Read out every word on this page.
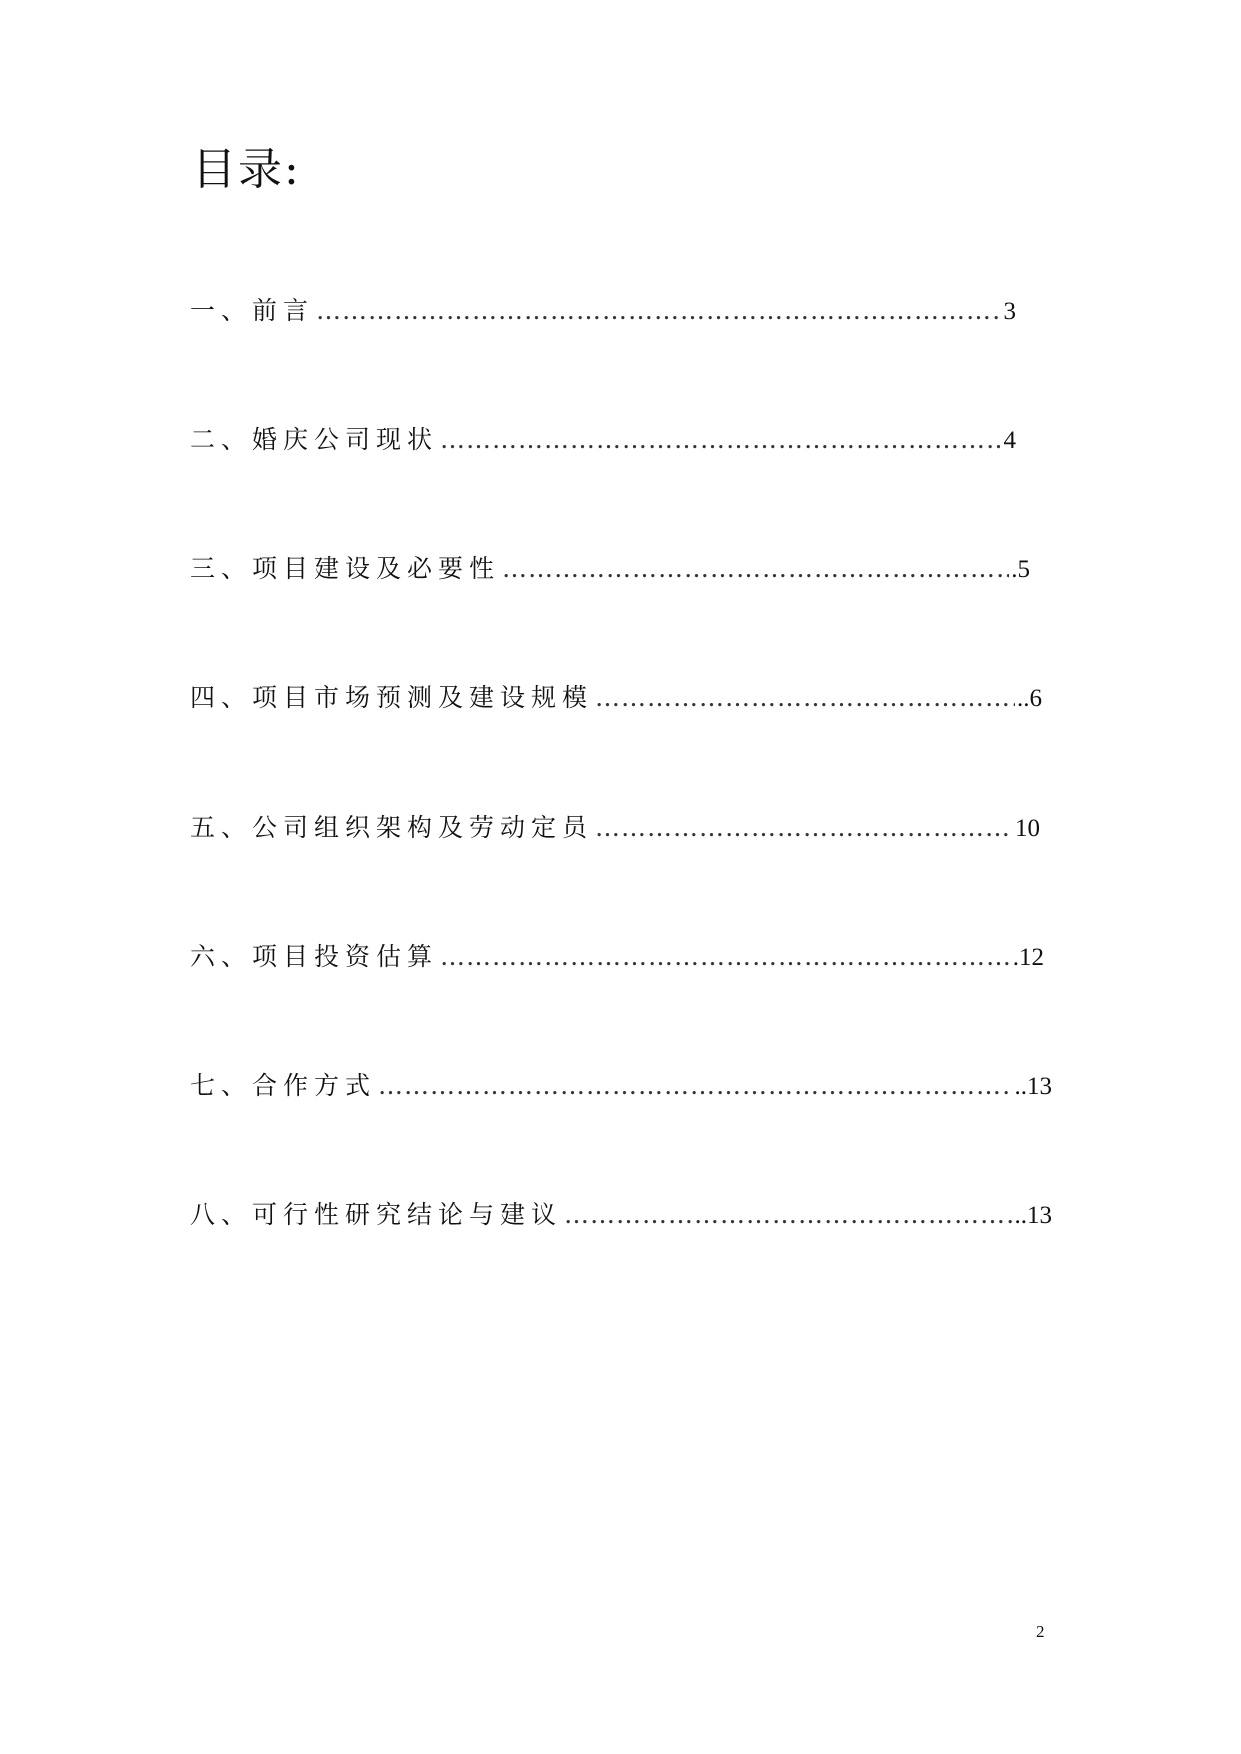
目录:
一、前言 …………………………………………………………………………………………………………………………………………	3
二、婚庆公司现状 …………………………………………………………………………………………………………………………………………	4
三、项目建设及必要性 …………………………………………………………………………………………………………………………………………	.5
四、项目市场预测及建设规模 …………………………………………………………………………………………………………………………………………	..6
五、公司组织架构及劳动定员 …………………………………………………………………………………………………………………………………………	10
六、项目投资估算 …………………………………………………………………………………………………………………………………………	.12
七、合作方式 …………………………………………………………………………………………………………………………………………	..13
八、可行性研究结论与建议 …………………………………………………………………………………………………………………………………………	..13
2
